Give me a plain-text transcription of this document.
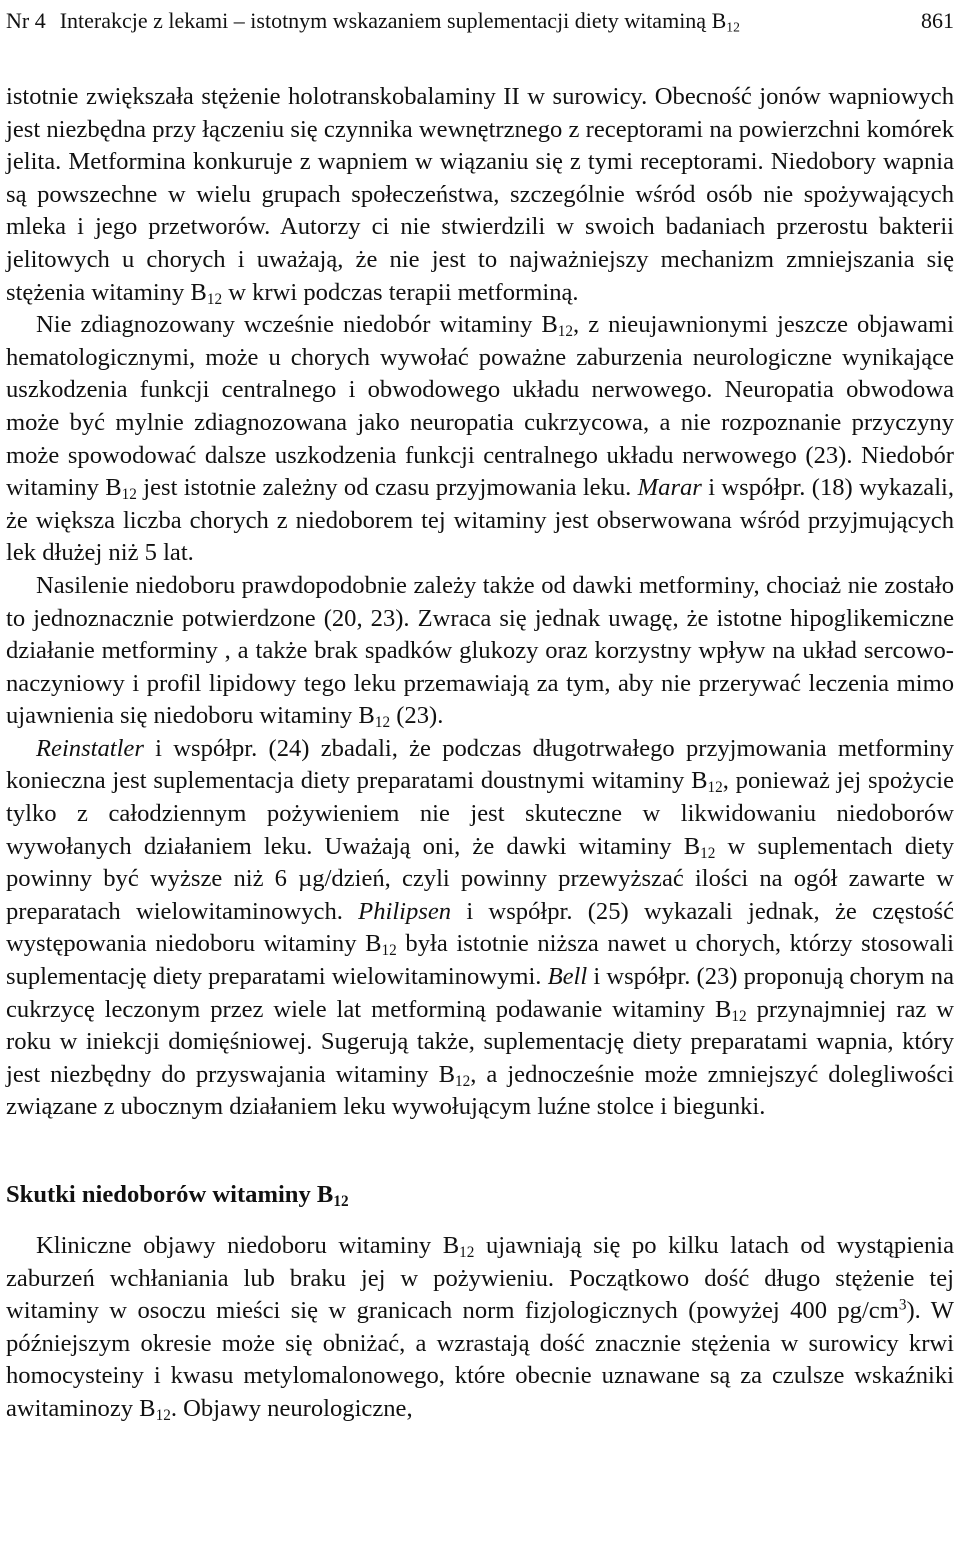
Nr 4 Interakcje z lekami – istotnym wskazaniem suplementacji diety witaminą $B_{12}$	861

istotnie zwiększała stężenie holotranskobalaminy II w surowicy. Obecność jonów wapniowych jest niezbędna przy łączeniu się czynnika wewnętrznego z receptorami na powierzchni komórek jelita. Metformina konkuruje z wapniem w wiązaniu się z tymi receptorami. Niedobory wapnia są powszechne w wielu grupach społeczeństwa, szczególnie wśród osób nie spożywających mleka i jego przetworów. Autorzy ci nie stwierdzili w swoich badaniach przerostu bakterii jelitowych u chorych i uważają, że nie jest to najważniejszy mechanizm zmniejszania się stężenia witaminy $B_{12}$ w krwi podczas terapii metforminą.

Nie zdiagnozowany wcześnie niedobór witaminy $B_{12}$, z nieujawnionymi jeszcze objawami hematologicznymi, może u chorych wywołać poważne zaburzenia neurologiczne wynikające uszkodzenia funkcji centralnego i obwodowego układu nerwowego. Neuropatia obwodowa może być mylnie zdiagnozowana jako neuropatia cukrzycowa, a nie rozpoznanie przyczyny może spowodować dalsze uszkodzenia funkcji centralnego układu nerwowego (23). Niedobór witaminy $B_{12}$ jest istotnie zależny od czasu przyjmowania leku. Marar i współpr. (18) wykazali, że większa liczba chorych z niedoborem tej witaminy jest obserwowana wśród przyjmujących lek dłużej niż 5 lat.

Nasilenie niedoboru prawdopodobnie zależy także od dawki metforminy, chociaż nie zostało to jednoznacznie potwierdzone (20, 23). Zwraca się jednak uwagę, że istotne hipoglikemiczne działanie metforminy , a także brak spadków glukozy oraz korzystny wpływ na układ sercowo-naczyniowy i profil lipidowy tego leku przemawiają za tym, aby nie przerywać leczenia mimo ujawnienia się niedoboru witaminy $B_{12}$ (23).

Reinstatler i współpr. (24) zbadali, że podczas długotrwałego przyjmowania metforminy konieczna jest suplementacja diety preparatami doustnymi witaminy $B_{12}$, ponieważ jej spożycie tylko z całodziennym pożywieniem nie jest skuteczne w likwidowaniu niedoborów wywołanych działaniem leku. Uważają oni, że dawki witaminy $B_{12}$ w suplementach diety powinny być wyższe niż 6 µg/dzień, czyli powinny przewyższać ilości na ogół zawarte w preparatach wielowitaminowych. Philipsen i współpr. (25) wykazali jednak, że częstość występowania niedoboru witaminy $B_{12}$ była istotnie niższa nawet u chorych, którzy stosowali suplementację diety preparatami wielowitaminowymi. Bell i współpr. (23) proponują chorym na cukrzycę leczonym przez wiele lat metforminą podawanie witaminy $B_{12}$ przynajmniej raz w roku w iniekcji domięśniowej. Sugerują także, suplementację diety preparatami wapnia, który jest niezbędny do przyswajania witaminy $B_{12}$, a jednocześnie może zmniejszyć dolegliwości związane z ubocznym działaniem leku wywołującym luźne stolce i biegunki.

Skutki niedoborów witaminy $B_{12}$

Kliniczne objawy niedoboru witaminy $B_{12}$ ujawniają się po kilku latach od wystąpienia zaburzeń wchłaniania lub braku jej w pożywieniu. Początkowo dość długo stężenie tej witaminy w osoczu mieści się w granicach norm fizjologicznych (powyżej 400 $pg/cm^3$). W późniejszym okresie może się obniżać, a wzrastają dość znacznie stężenia w surowicy krwi homocysteiny i kwasu metylomalonowego, które obecnie uznawane są za czulsze wskaźniki awitaminozy $B_{12}$. Objawy neurologiczne,
